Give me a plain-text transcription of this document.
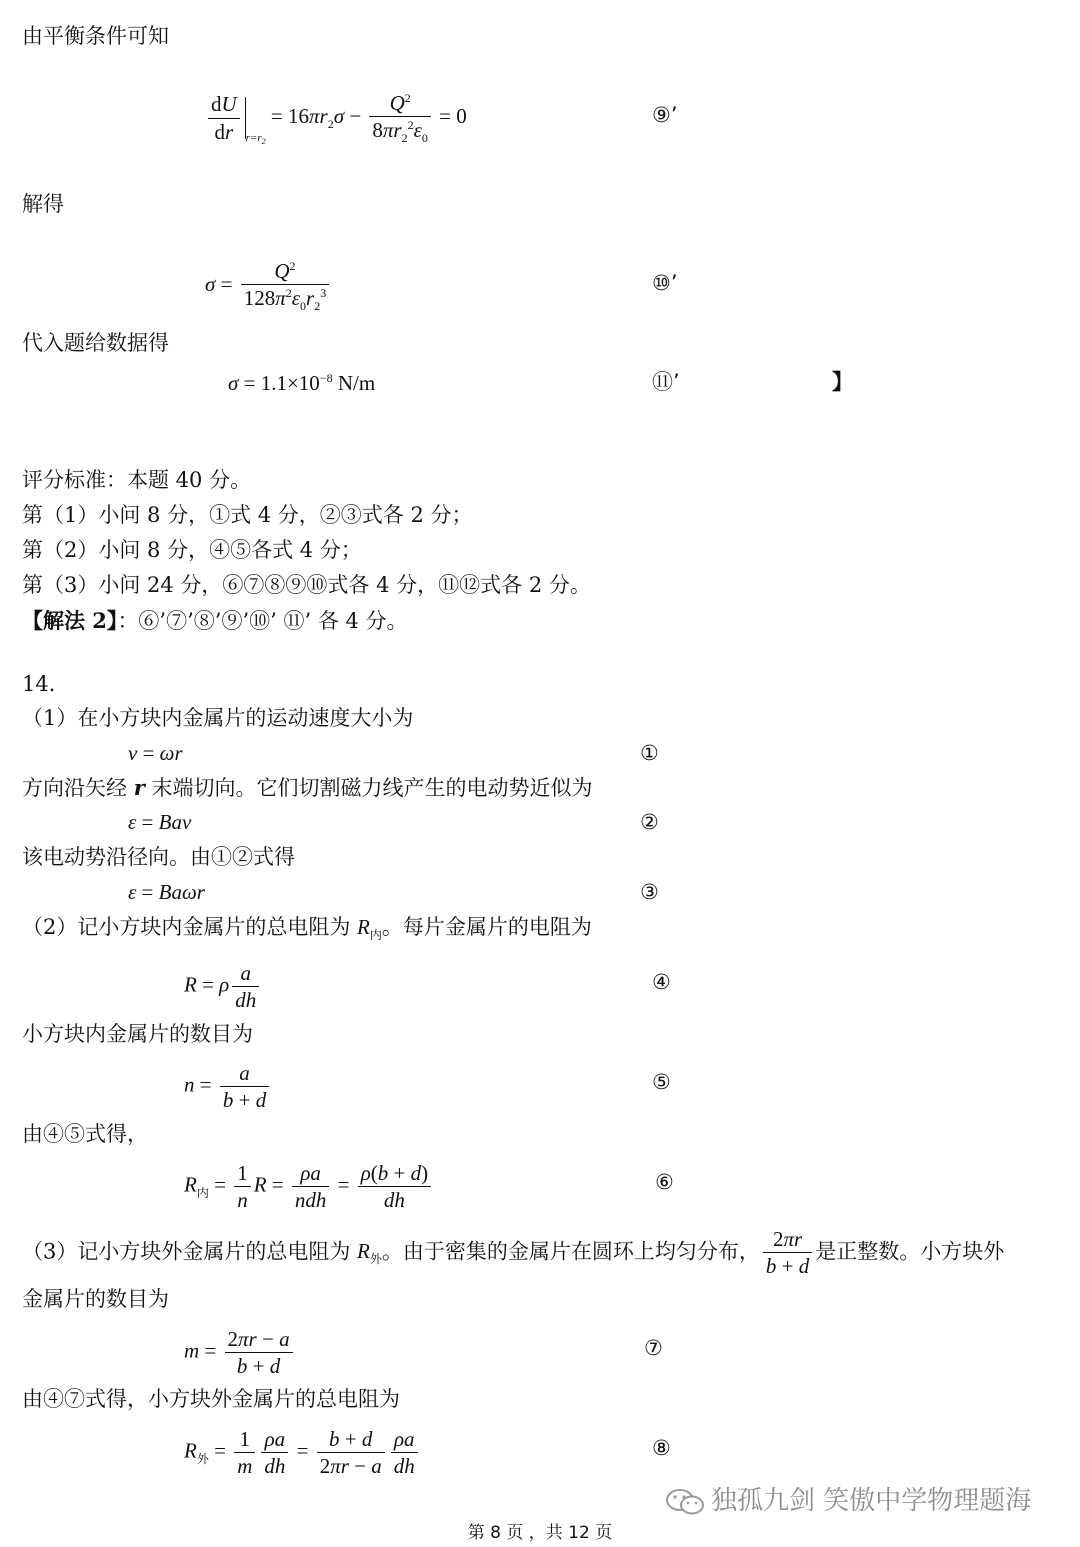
由平衡条件可知
$\frac{dU}{dr} r=r_2 = 16\pi r_2\sigma - \frac{Q^2}{8\pi r_2^2\varepsilon_0} = 0$	⑨’
解得
$\sigma = \frac{Q^2}{128\pi^2\varepsilon_0r_2^3}$	⑩’
代入题给数据得
$\sigma = 1.1\times 10^{-8}$ N/m	⑪’	】
评分标准：本题 40 分。
第（1）小问 8 分，①式 4 分，②③式各 2 分；
第（2）小问 8 分，④⑤各式 4 分；
第（3）小问 24 分，⑥⑦⑧⑨⑩式各 4 分，⑪⑫式各 2 分。
【解法 2】：⑥’⑦’⑧’⑨’⑩’ ⑪’ 各 4 分。
14.
（1）在小方块内金属片的运动速度大小为
v = ωr	①
方向沿矢经 r 末端切向。它们切割磁力线产生的电动势近似为
ε = Bav	②
该电动势沿径向。由①②式得
ε = Baωr	③
（2）记小方块内金属片的总电阻为 $R_内$。每片金属片的电阻为
R = ρ $\frac{a}{dh}$	④
小方块内金属片的数目为
$n = \frac{a}{b + d}$	⑤
由④⑤式得，
$R_内 = \frac{1}{n}$ $R = \frac{\rho a}{\text{ndh}} = \frac{\rho(b + d)}{dh}$	⑥
（3）记小方块外金属片的总电阻为 $R_外$。由于密集的金属片在圆环上均匀分布， $\frac{2\pi r}{b + d}$ 是正整数。小方块外
金属片的数目为
$m = \frac{2\pi r - a}{b + d}$	⑦
由④⑦式得，小方块外金属片的总电阻为
$R_外 = \frac{1}{m} \frac{\rho a}{dh} = \frac{b + d}{2\pi r - a} \frac{\rho a}{dh}$	⑧
独孤九剑 笑傲中学物理题海
第 8 页 ，共 12 页
